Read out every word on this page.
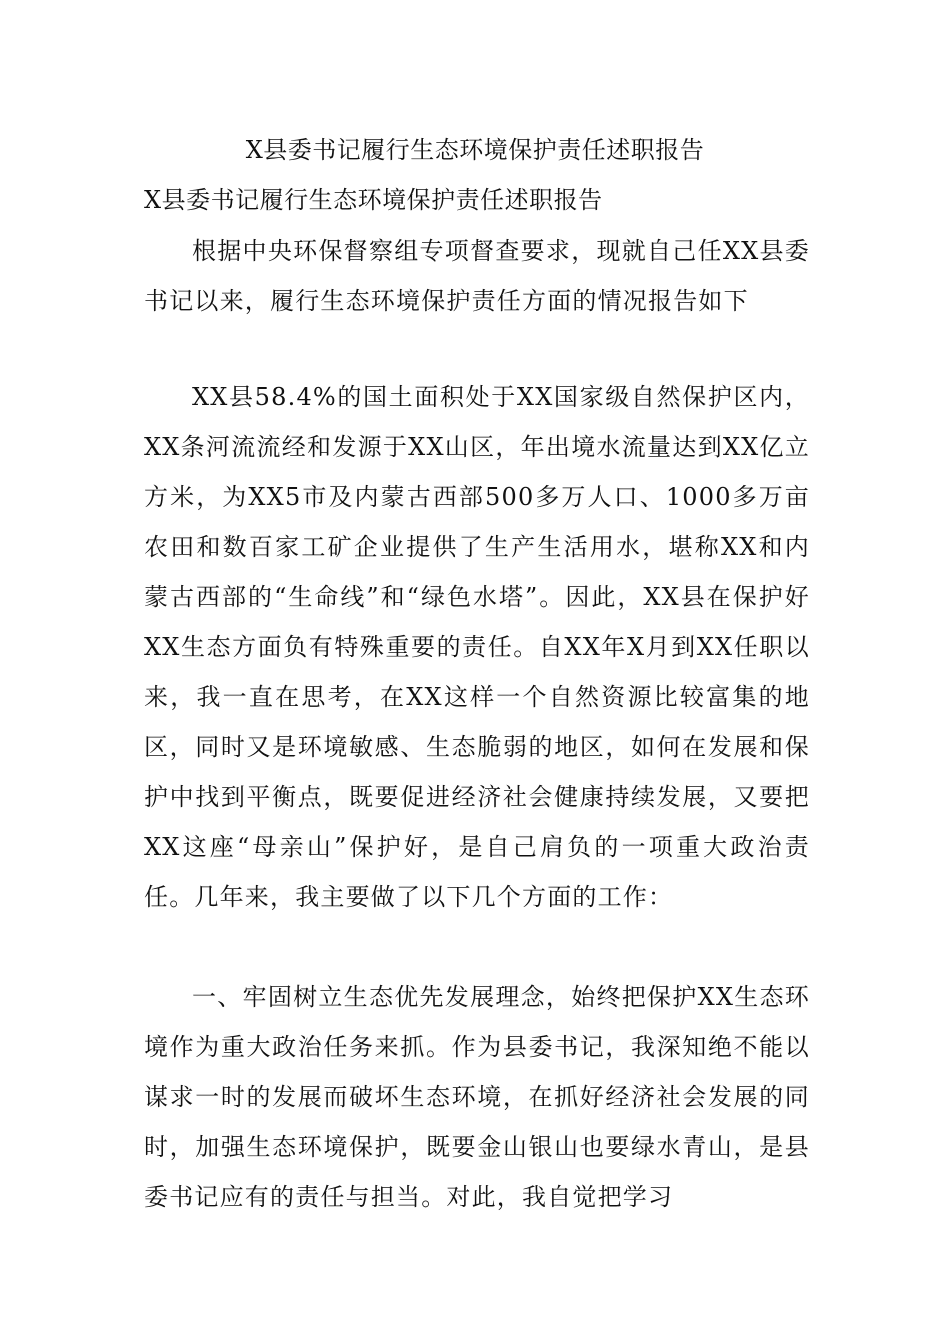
X县委书记履行生态环境保护责任述职报告
X县委书记履行生态环境保护责任述职报告

根据中央环保督察组专项督查要求，现就自己任XX县委书记以来，履行生态环境保护责任方面的情况报告如下

XX县58.4%的国土面积处于XX国家级自然保护区内，XX条河流流经和发源于XX山区，年出境水流量达到XX亿立方米，为XX5市及内蒙古西部500多万人口、1000多万亩农田和数百家工矿企业提供了生产生活用水，堪称XX和内蒙古西部的“生命线”和“绿色水塔”。因此，XX县在保护好XX生态方面负有特殊重要的责任。自XX年X月到XX任职以来，我一直在思考，在XX这样一个自然资源比较富集的地区，同时又是环境敏感、生态脆弱的地区，如何在发展和保护中找到平衡点，既要促进经济社会健康持续发展，又要把XX这座“母亲山”保护好，是自己肩负的一项重大政治责任。几年来，我主要做了以下几个方面的工作：

一、牢固树立生态优先发展理念，始终把保护XX生态环境作为重大政治任务来抓。作为县委书记，我深知绝不能以谋求一时的发展而破坏生态环境，在抓好经济社会发展的同时，加强生态环境保护，既要金山银山也要绿水青山，是县委书记应有的责任与担当。对此，我自觉把学习
